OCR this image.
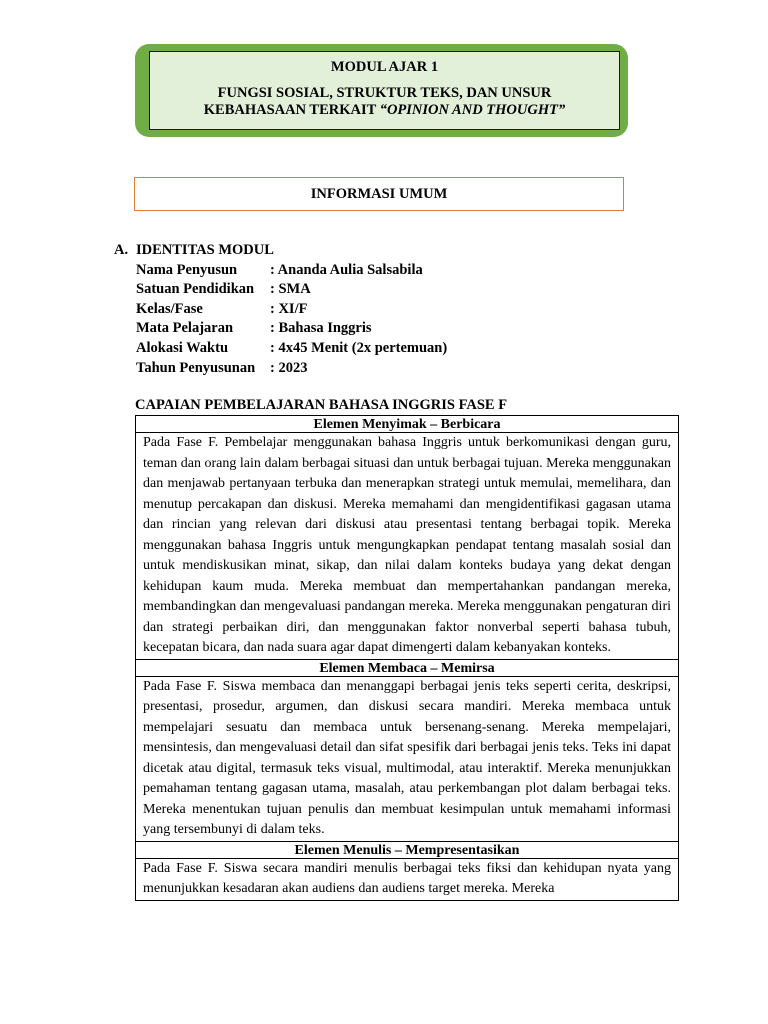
MODUL AJAR 1
FUNGSI SOSIAL, STRUKTUR TEKS, DAN UNSUR
KEBAHASAAN TERKAIT “OPINION AND THOUGHT”
INFORMASI UMUM
A. IDENTITAS MODUL
Nama Penyusun	: Ananda Aulia Salsabila
Satuan Pendidikan	: SMA
Kelas/Fase	: XI/F
Mata Pelajaran	: Bahasa Inggris
Alokasi Waktu	: 4x45 Menit (2x pertemuan)
Tahun Penyusunan	: 2023
CAPAIAN PEMBELAJARAN BAHASA INGGRIS FASE F
Elemen Menyimak – Berbicara
Pada Fase F. Pembelajar menggunakan bahasa Inggris untuk berkomunikasi dengan guru, teman dan orang lain dalam berbagai situasi dan untuk berbagai tujuan. Mereka menggunakan dan menjawab pertanyaan terbuka dan menerapkan strategi untuk memulai, memelihara, dan menutup percakapan dan diskusi. Mereka memahami dan mengidentifikasi gagasan utama dan rincian yang relevan dari diskusi atau presentasi tentang berbagai topik. Mereka menggunakan bahasa Inggris untuk mengungkapkan pendapat tentang masalah sosial dan untuk mendiskusikan minat, sikap, dan nilai dalam konteks budaya yang dekat dengan kehidupan kaum muda. Mereka membuat dan mempertahankan pandangan mereka, membandingkan dan mengevaluasi pandangan mereka. Mereka menggunakan pengaturan diri dan strategi perbaikan diri, dan menggunakan faktor nonverbal seperti bahasa tubuh, kecepatan bicara, dan nada suara agar dapat dimengerti dalam kebanyakan konteks.
Elemen Membaca – Memirsa
Pada Fase F. Siswa membaca dan menanggapi berbagai jenis teks seperti cerita, deskripsi, presentasi, prosedur, argumen, dan diskusi secara mandiri. Mereka membaca untuk mempelajari sesuatu dan membaca untuk bersenang-senang. Mereka mempelajari, mensintesis, dan mengevaluasi detail dan sifat spesifik dari berbagai jenis teks. Teks ini dapat dicetak atau digital, termasuk teks visual, multimodal, atau interaktif. Mereka menunjukkan pemahaman tentang gagasan utama, masalah, atau perkembangan plot dalam berbagai teks. Mereka menentukan tujuan penulis dan membuat kesimpulan untuk memahami informasi yang tersembunyi di dalam teks.
Elemen Menulis – Mempresentasikan
Pada Fase F. Siswa secara mandiri menulis berbagai teks fiksi dan kehidupan nyata yang menunjukkan kesadaran akan audiens dan audiens target mereka. Mereka
